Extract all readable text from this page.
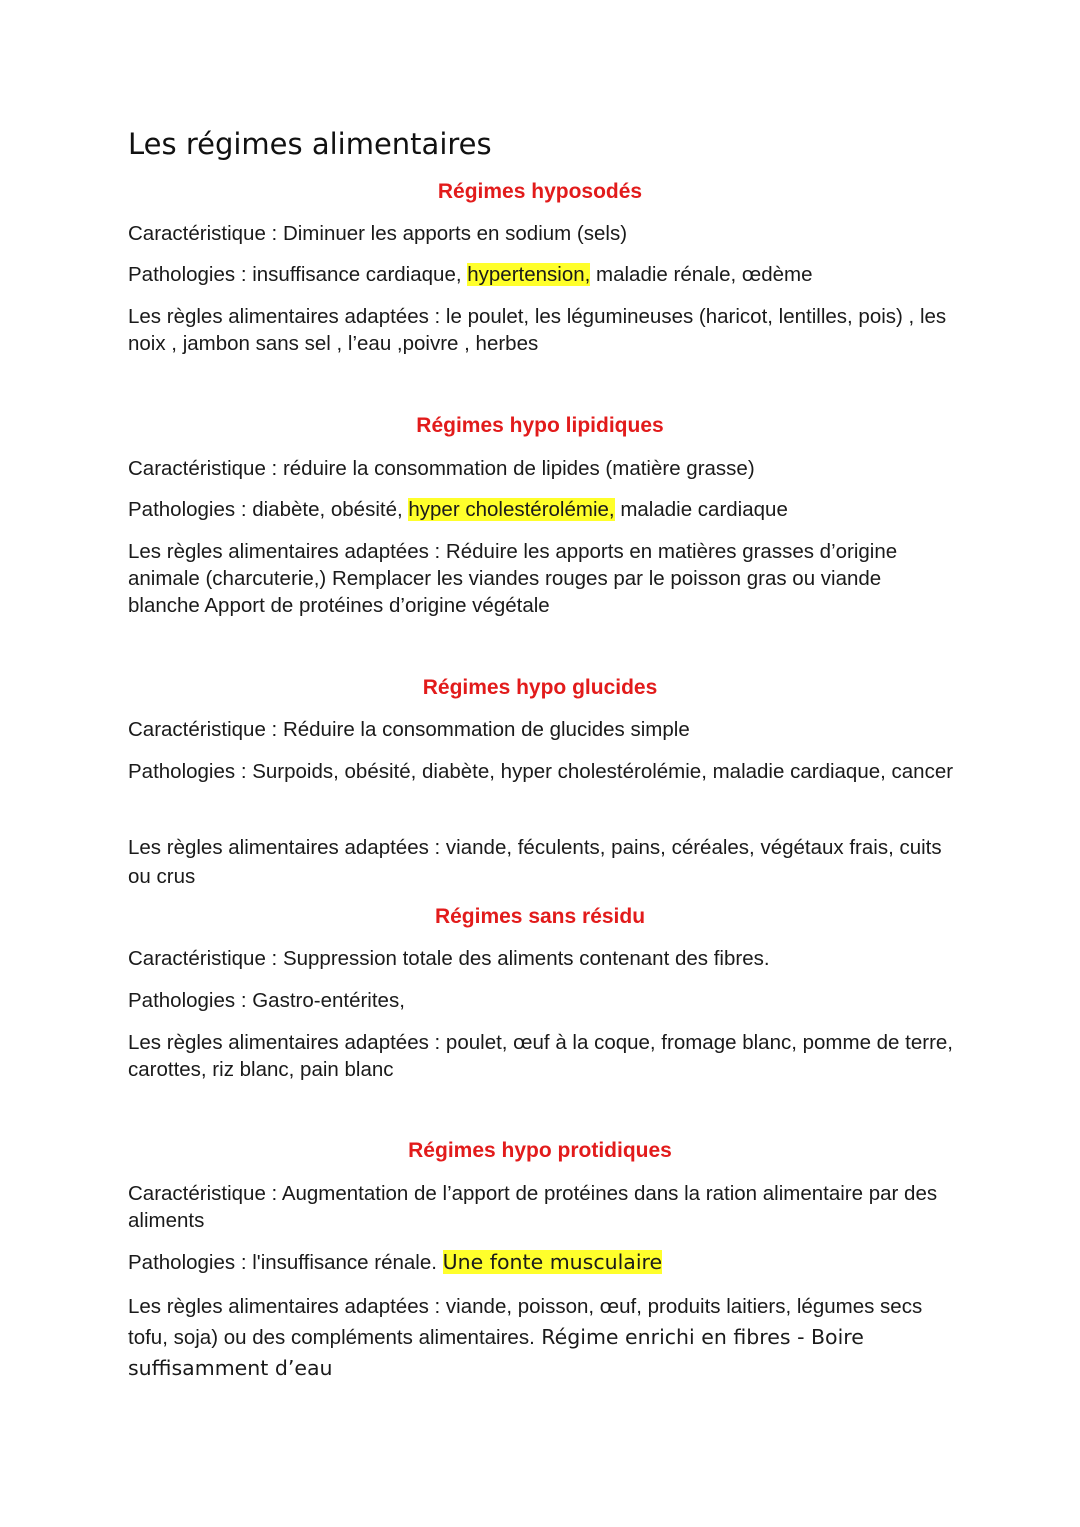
Les régimes alimentaires
Régimes hyposodés
Caractéristique : Diminuer les apports en sodium (sels)
Pathologies : insuffisance cardiaque, hypertension, maladie rénale, œdème
Les règles alimentaires adaptées : le poulet, les légumineuses (haricot, lentilles, pois) , les noix , jambon sans sel , l’eau ,poivre , herbes
Régimes hypo lipidiques
Caractéristique : réduire la consommation de lipides (matière grasse)
Pathologies : diabète, obésité, hyper cholestérolémie, maladie cardiaque
Les règles alimentaires adaptées : Réduire les apports en matières grasses d’origine animale (charcuterie,) Remplacer les viandes rouges par le poisson gras ou viande blanche Apport de protéines d’origine végétale
Régimes hypo glucides
Caractéristique : Réduire la consommation de glucides simple
Pathologies : Surpoids, obésité, diabète, hyper cholestérolémie, maladie cardiaque, cancer
Les règles alimentaires adaptées : viande, féculents, pains, céréales, végétaux frais, cuits ou crus
Régimes sans résidu
Caractéristique : Suppression totale des aliments contenant des fibres.
Pathologies : Gastro-entérites,
Les règles alimentaires adaptées : poulet, œuf à la coque, fromage blanc, pomme de terre, carottes, riz blanc, pain blanc
Régimes hypo protidiques
Caractéristique : Augmentation de l’apport de protéines dans la ration alimentaire par des aliments
Pathologies : l'insuffisance rénale. Une fonte musculaire
Les règles alimentaires adaptées : viande, poisson, œuf, produits laitiers, légumes secs tofu, soja) ou des compléments alimentaires. Régime enrichi en fibres - Boire suffisamment d’eau
